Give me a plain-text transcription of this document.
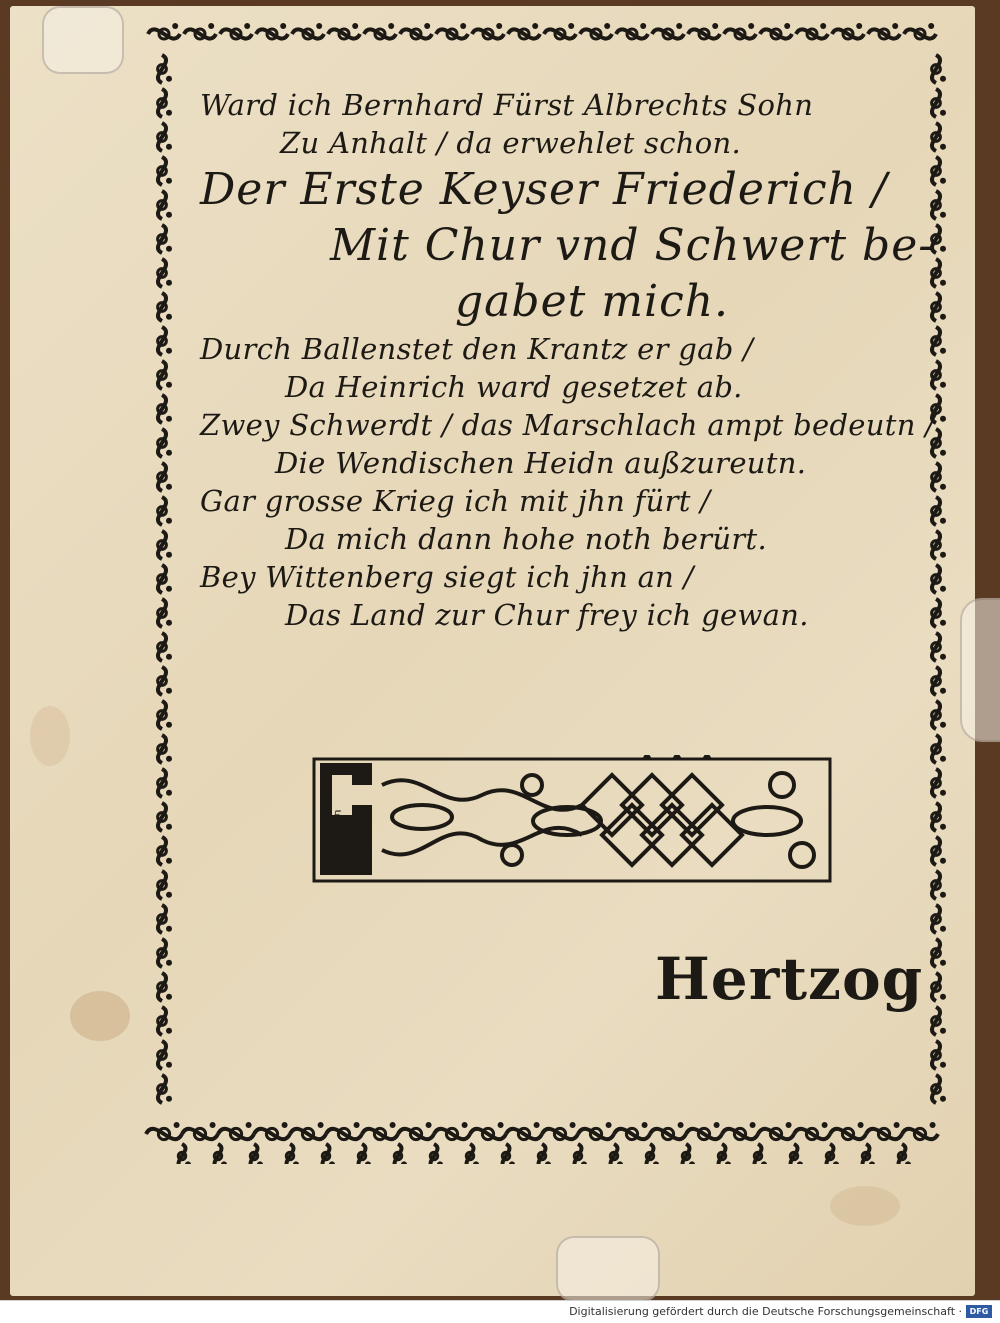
Ward ich Bernhard Fürst Albrechts Sohn
Zu Anhalt / da erwehlet schon.
Der Erste Keyser Friederich /
Mit Chur vnd Schwert be-
gabet mich.
Durch Ballenstet den Krantz er gab /
Da Heinrich ward gesetzet ab.
Zwey Schwerdt / das Marschlach ampt bedeutn /
Die Wendischen Heidn außzureutn.
Gar grosse Krieg ich mit jhn fürt /
Da mich dann hohe noth berürt.
Bey Wittenberg siegt ich jhn an /
Das Land zur Chur frey ich gewan.
15
Hertzog
Digitalisierung gefördert durch die Deutsche Forschungsgemeinschaft · DFG
